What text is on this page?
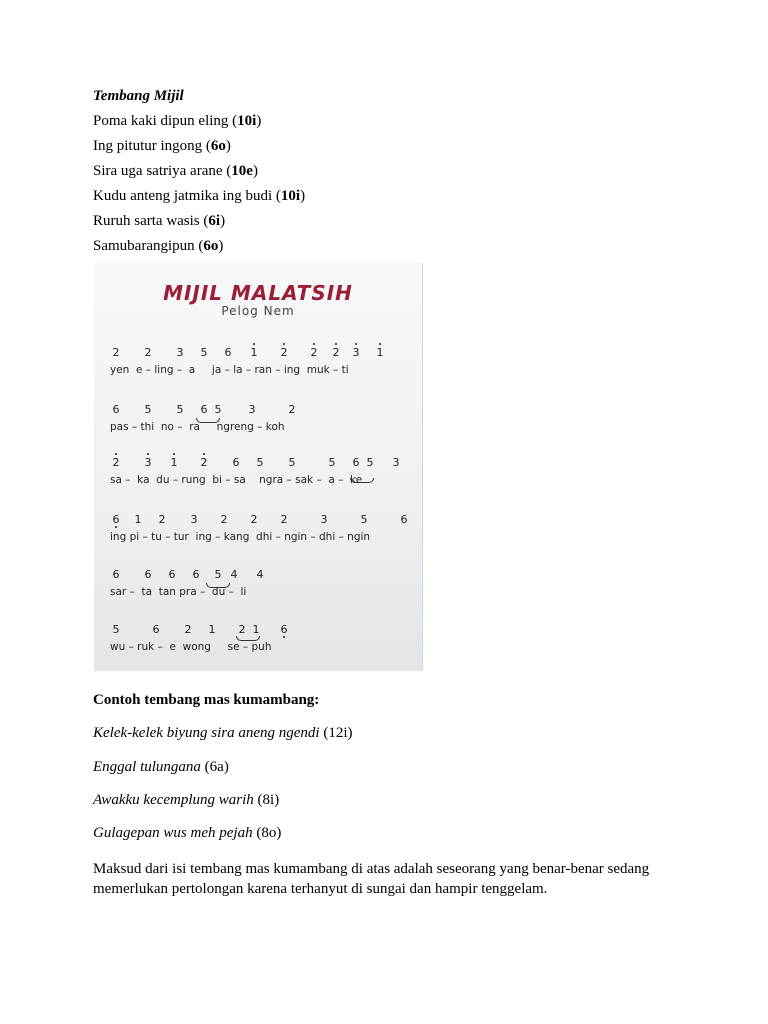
Tembang Mijil
Poma kaki dipun eling (10i)
Ing pitutur ingong (6o)
Sira uga satriya arane (10e)
Kudu anteng jatmika ing budi (10i)
Ruruh sarta wasis (6i)
Samubarangipun (6o)
MIJIL MALATSIH
Pelog Nem
2 2 3 5 6 1 2 2 2 3 1
yen  e – ling –  a     ja – la – ran – ing  muk – ti
6 5 5 6 5 3	2
pas – thi  no –  ra     ngreng – koh
2 3 1 2 6 5 5	5 6 5 3
sa –  ka  du – rung  bi – sa    ngra – sak –  a –  ke
6 1 2 3 2 2 2	3	5	6
ing pi – tu – tur  ing – kang  dhi – ngin – dhi – ngin
6 6 6 6 5 4 4
sar –  ta  tan pra –  du –  li
5	6 2 1 2 1 6
wu – ruk –  e  wong     se – puh
Contoh tembang mas kumambang:
Kelek-kelek biyung sira aneng ngendi (12i)
Enggal tulungana (6a)
Awakku kecemplung warih (8i)
Gulagepan wus meh pejah (8o)
Maksud dari isi tembang mas kumambang di atas adalah seseorang yang benar-benar sedang memerlukan pertolongan karena terhanyut di sungai dan hampir tenggelam.
